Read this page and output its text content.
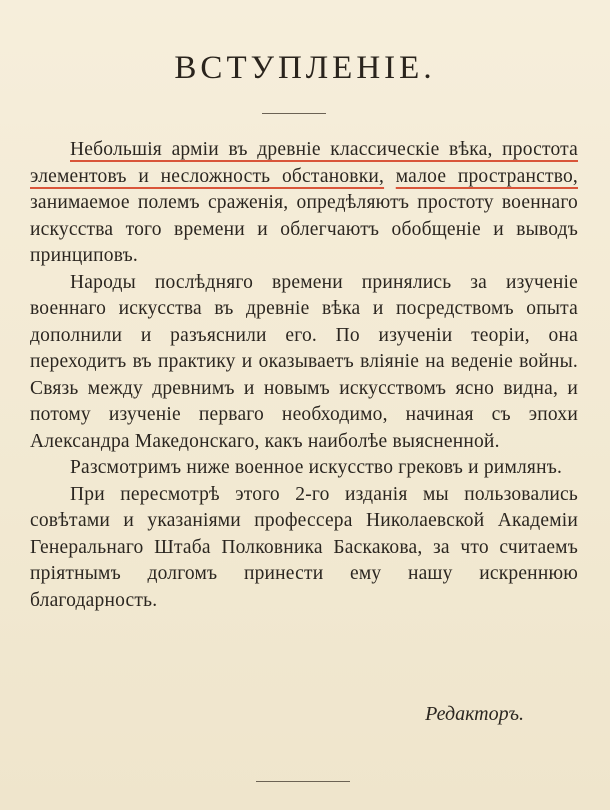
ВСТУПЛЕНІЕ.

Небольшія арміи въ древніе классическіе вѣка, простота элементовъ и несложность обстановки, малое пространство, занимаемое полемъ сраженія, опредѣляютъ простоту военнаго искусства того времени и облегчаютъ обобщеніе и выводъ принциповъ.

Народы послѣдняго времени принялись за изученіе военнаго искусства въ древніе вѣка и посредствомъ опыта дополнили и разъяснили его. По изученіи теоріи, она переходитъ въ практику и оказываетъ вліяніе на веденіе войны. Связь между древнимъ и новымъ искусствомъ ясно видна, и потому изученіе перваго необходимо, начиная съ эпохи Александра Македонскаго, какъ наиболѣе выясненной.

Разсмотримъ ниже военное искусство грековъ и римлянъ.

При пересмотрѣ этого 2-го изданія мы пользовались совѣтами и указаніями профессера Николаевской Академіи Генеральнаго Штаба Полковника Баскакова, за что считаемъ пріятнымъ долгомъ принести ему нашу искреннюю благодарность.

Редакторъ.
